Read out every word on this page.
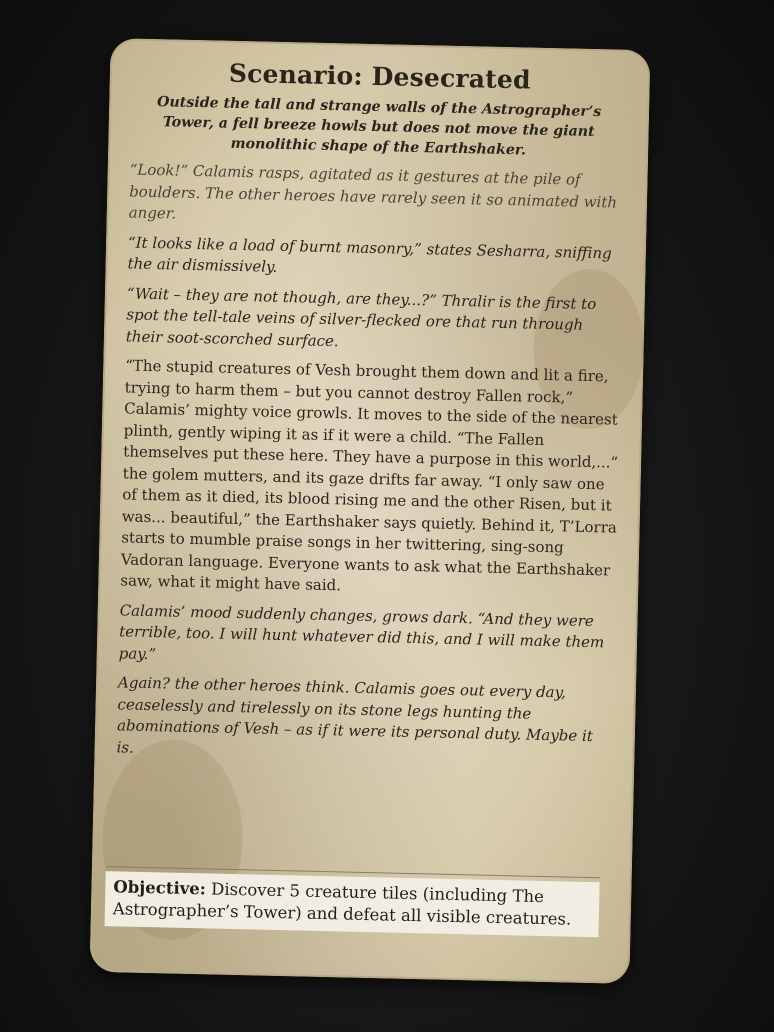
Scenario: Desecrated

Outside the tall and strange walls of the Astrographer’s Tower, a fell breeze howls but does not move the giant monolithic shape of the Earthshaker.

“Look!” Calamis rasps, agitated as it gestures at the pile of boulders. The other heroes have rarely seen it so animated with anger.

“It looks like a load of burnt masonry,” states Sesharra, sniffing the air dismissively.

“Wait – they are not though, are they...?” Thralir is the first to spot the tell-tale veins of silver-flecked ore that run through their soot-scorched surface.

“The stupid creatures of Vesh brought them down and lit a fire, trying to harm them – but you cannot destroy Fallen rock,” Calamis’ mighty voice growls. It moves to the side of the nearest plinth, gently wiping it as if it were a child. “The Fallen themselves put these here. They have a purpose in this world,...” the golem mutters, and its gaze drifts far away. “I only saw one of them as it died, its blood rising me and the other Risen, but it was... beautiful,” the Earthshaker says quietly. Behind it, T’Lorra starts to mumble praise songs in her twittering, sing-song Vadoran language. Everyone wants to ask what the Earthshaker saw, what it might have said.

Calamis’ mood suddenly changes, grows dark. “And they were terrible, too. I will hunt whatever did this, and I will make them pay.”

Again? the other heroes think. Calamis goes out every day, ceaselessly and tirelessly on its stone legs hunting the abominations of Vesh – as if it were its personal duty. Maybe it is.

Objective: Discover 5 creature tiles (including The Astrographer’s Tower) and defeat all visible creatures.
